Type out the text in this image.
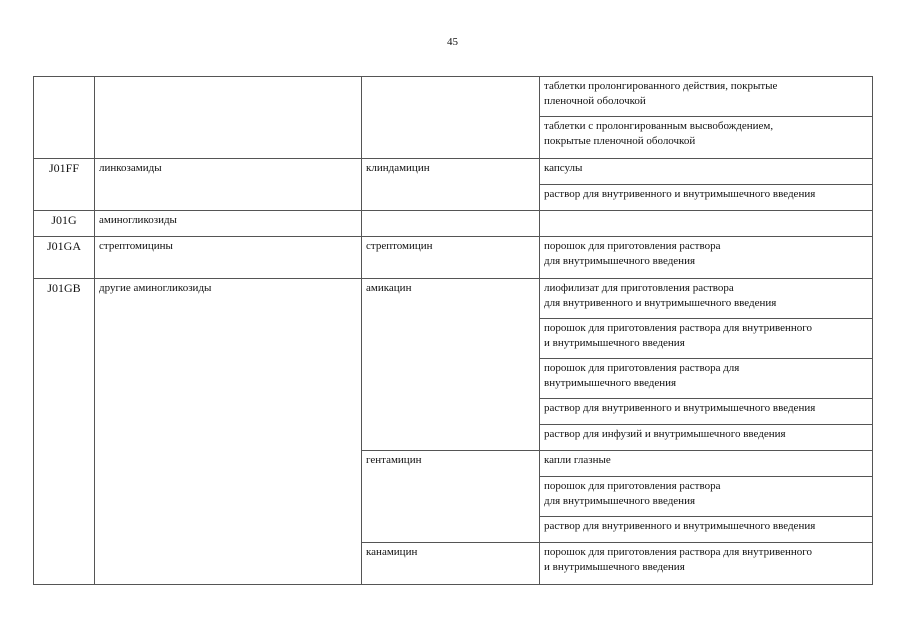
45

			таблетки пролонгированного действия, покрытые
пленочной оболочкой

			таблетки с пролонгированным высвобождением,
покрытые пленочной оболочкой

J01FF	линкозамиды	клиндамицин	капсулы
			раствор для внутривенного и внутримышечного введения
J01G	аминогликозиды		
J01GA	стрептомицины	стрептомицин	порошок для приготовления раствора
для внутримышечного введения

J01GB	другие аминогликозиды	амикацин	лиофилизат для приготовления раствора
для внутривенного и внутримышечного введения

			порошок для приготовления раствора для внутривенного
и внутримышечного введения

			порошок для приготовления раствора для
внутримышечного введения

			раствор для внутривенного и внутримышечного введения
			раствор для инфузий и внутримышечного введения
		гентамицин	капли глазные

			порошок для приготовления раствора
для внутримышечного введения

			раствор для внутривенного и внутримышечного введения
		канамицин	порошок для приготовления раствора для внутривенного
и внутримышечного введения
